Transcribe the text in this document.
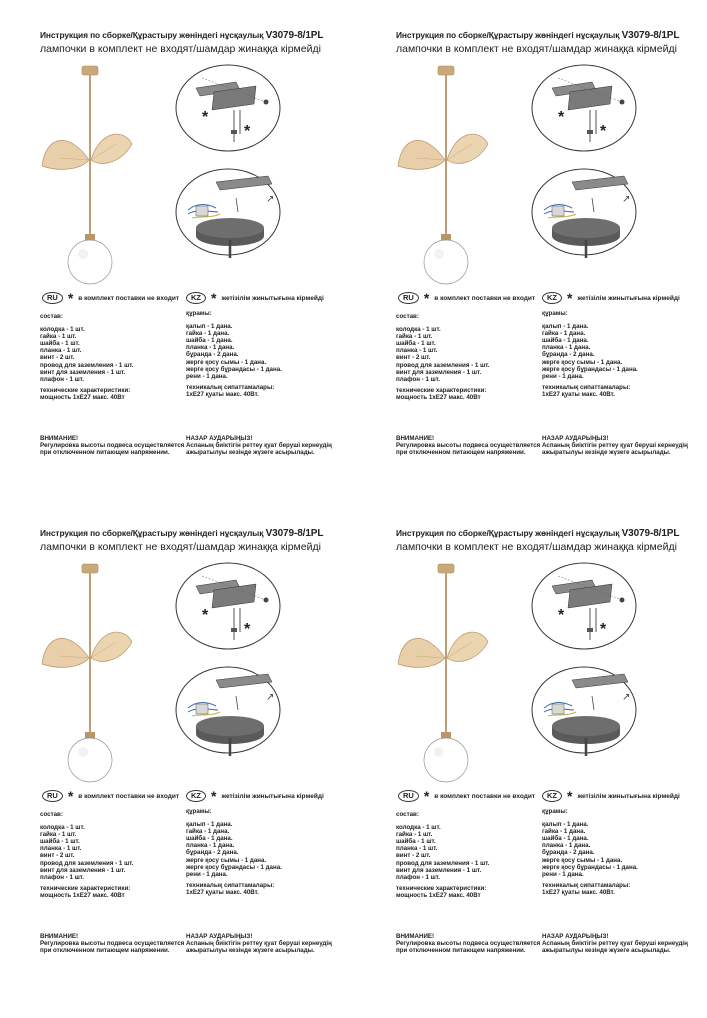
Инструкция по сборке/Құрастыру жөніндегі нұсқаулық V3079-8/1PL
лампочки в комплект не входят/шамдар жинаққа кірмейді
*
*
↗
RU * в комплект поставки не входит	KZ * жетізілім жинытығына кірмейді
состав:
колодка - 1 шт.
гайка - 1 шт.
шайба - 1 шт.
планка - 1 шт.
винт - 2 шт.
провод для заземления - 1 шт.
винт для заземления - 1 шт.
плафон - 1 шт.
технические характеристики:
мощность 1xE27 макс. 40Вт
құрамы:
қалып - 1 дана.
гайка - 1 дана.
шайба - 1 дана.
планка - 1 дана.
бұранда - 2 дана.
жерге қосу сымы - 1 дана.
жерге қосу бұрандасы - 1 дана.
рени - 1 дана.
техникалық сипаттамалары:
1xE27 қуаты макс. 40Вт.
ВНИМАНИЕ!
Регулировка высоты подвеса осуществляется
при отключенном питающем напряжении.
НАЗАР АУДАРЫҢЫЗ!
Аспаның биіктігін реттеу қуат беруші кернеудің
ажыратылуы кезінде жүзеге асырылады.
Инструкция по сборке/Құрастыру жөніндегі нұсқаулық V3079-8/1PL
лампочки в комплект не входят/шамдар жинаққа кірмейді
*
*
↗
RU * в комплект поставки не входит	KZ * жетізілім жинытығына кірмейді
состав:
колодка - 1 шт.
гайка - 1 шт.
шайба - 1 шт.
планка - 1 шт.
винт - 2 шт.
провод для заземления - 1 шт.
винт для заземления - 1 шт.
плафон - 1 шт.
технические характеристики:
мощность 1xE27 макс. 40Вт
құрамы:
қалып - 1 дана.
гайка - 1 дана.
шайба - 1 дана.
планка - 1 дана.
бұранда - 2 дана.
жерге қосу сымы - 1 дана.
жерге қосу бұрандасы - 1 дана.
рени - 1 дана.
техникалық сипаттамалары:
1xE27 қуаты макс. 40Вт.
ВНИМАНИЕ!
Регулировка высоты подвеса осуществляется
при отключенном питающем напряжении.
НАЗАР АУДАРЫҢЫЗ!
Аспаның биіктігін реттеу қуат беруші кернеудің
ажыратылуы кезінде жүзеге асырылады.
Инструкция по сборке/Құрастыру жөніндегі нұсқаулық V3079-8/1PL
лампочки в комплект не входят/шамдар жинаққа кірмейді
*
*
↗
RU * в комплект поставки не входит	KZ * жетізілім жинытығына кірмейді
состав:
колодка - 1 шт.
гайка - 1 шт.
шайба - 1 шт.
планка - 1 шт.
винт - 2 шт.
провод для заземления - 1 шт.
винт для заземления - 1 шт.
плафон - 1 шт.
технические характеристики:
мощность 1xE27 макс. 40Вт
құрамы:
қалып - 1 дана.
гайка - 1 дана.
шайба - 1 дана.
планка - 1 дана.
бұранда - 2 дана.
жерге қосу сымы - 1 дана.
жерге қосу бұрандасы - 1 дана.
рени - 1 дана.
техникалық сипаттамалары:
1xE27 қуаты макс. 40Вт.
ВНИМАНИЕ!
Регулировка высоты подвеса осуществляется
при отключенном питающем напряжении.
НАЗАР АУДАРЫҢЫЗ!
Аспаның биіктігін реттеу қуат беруші кернеудің
ажыратылуы кезінде жүзеге асырылады.
Инструкция по сборке/Құрастыру жөніндегі нұсқаулық V3079-8/1PL
лампочки в комплект не входят/шамдар жинаққа кірмейді
*
*
↗
RU * в комплект поставки не входит	KZ * жетізілім жинытығына кірмейді
состав:
колодка - 1 шт.
гайка - 1 шт.
шайба - 1 шт.
планка - 1 шт.
винт - 2 шт.
провод для заземления - 1 шт.
винт для заземления - 1 шт.
плафон - 1 шт.
технические характеристики:
мощность 1xE27 макс. 40Вт
құрамы:
қалып - 1 дана.
гайка - 1 дана.
шайба - 1 дана.
планка - 1 дана.
бұранда - 2 дана.
жерге қосу сымы - 1 дана.
жерге қосу бұрандасы - 1 дана.
рени - 1 дана.
техникалық сипаттамалары:
1xE27 қуаты макс. 40Вт.
ВНИМАНИЕ!
Регулировка высоты подвеса осуществляется
при отключенном питающем напряжении.
НАЗАР АУДАРЫҢЫЗ!
Аспаның биіктігін реттеу қуат беруші кернеудің
ажыратылуы кезінде жүзеге асырылады.
